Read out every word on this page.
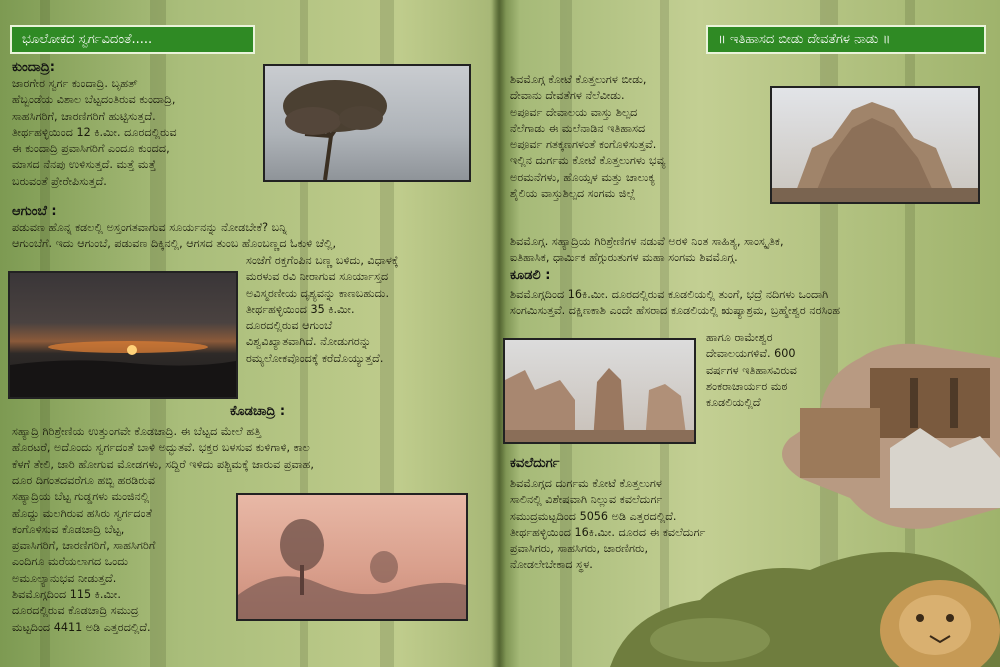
ಭೂಲೋಕದ ಸ್ವರ್ಗವಿದಂತೆ.....
ಕುಂದಾದ್ರಿ:
ಜಾರಗೇರ ಸ್ವರ್ಗ ಕುಂದಾದ್ರಿ. ಬೃಹತ್
ಹೆಬ್ಬಂಡೆಯ ವಿಶಾಲ ಬೆಟ್ಟದಂತಿರುವ ಕುಂದಾದ್ರಿ,
ಸಾಹಸಿಗರಿಗೆ, ಚಾರಣಿಗರಿಗೆ ಹುಟ್ಟಿಸುತ್ತದೆ.
ತೀರ್ಥಹಳ್ಳಿಯಿಂದ 12 ಕಿ.ಮೀ. ದೂರದಲ್ಲಿರುವ
ಈ ಕುಂದಾದ್ರಿ ಪ್ರವಾಸಿಗರಿಗೆ ಎಂದೂ ಕುಂದದ,
ಮಾಸದ ನೆನಪು ಉಳಿಸುತ್ತದೆ. ಮತ್ತೆ ಮತ್ತೆ
ಬರುವಂತೆ ಪ್ರೇರೇಪಿಸುತ್ತದೆ.
ಆಗುಂಬೆ :
ಪಡುವಣ ಹೊನ್ನ ಕಡಲಲ್ಲಿ ಅಸ್ತಂಗತವಾಗುವ ಸೂರ್ಯನನ್ನು ನೋಡಬೇಕೆ? ಬನ್ನಿ
ಆಗುಂಬೆಗೆ. ಇದು ಆಗುಂಬೆ, ಪಡುವಣ ದಿಕ್ಕಿನಲ್ಲಿ, ಆಗಸದ ತುಂಬ ಹೊಂಬಣ್ಣದ ಓಕುಳಿ ಚೆಲ್ಲಿ,
ಸಂಜೆಗೆ ರಕ್ತಗೆಂಪಿನ ಬಣ್ಣ ಬಳಿದು, ವಿಧಾಳಕ್ಕೆ
ಮರಳುವ ರವಿ ನೀರಾಗುವ ಸೂರ್ಯಾಸ್ತದ
ಅವಿಸ್ಮರಣೀಯ ದೃಶ್ಯವನ್ನು ಕಾಣಬಹುದು.
ತೀರ್ಥಹಳ್ಳಿಯಿಂದ 35 ಕಿ.ಮೀ.
ದೂರದಲ್ಲಿರುವ ಆಗುಂಬೆ
ವಿಶ್ವವಿಖ್ಯಾತವಾಗಿದೆ. ನೋಡುಗರನ್ನು
ರಮ್ಯಲೋಕವೊಂದಕ್ಕೆ ಕರೆದೊಯ್ಯುತ್ತದೆ.
ಕೊಡಚಾದ್ರಿ :
ಸಹ್ಯಾದ್ರಿ ಗಿರಿಶ್ರೇಣಿಯ ಉತ್ತುಂಗವೇ ಕೊಡಚಾದ್ರಿ. ಈ ಬೆಟ್ಟದ ಮೇಲೆ ಹತ್ತಿ
ಹೊರಟರೆ, ಅದೊಂದು ಸ್ವರ್ಗದಂತೆ ಬಾಳಿ ಅದ್ಭುತವೆ. ಭಕ್ತರ ಬಳಸುವ ಕುಳಿಗಾಳಿ, ಕಾಲ
ಕೆಳಗೆ ತೇಲಿ, ಜಾರಿ ಹೋಗುವ ಮೋಡಗಳು, ಸದ್ದಿರೆ ಇಳಿದು ಪಶ್ಚಿಮಕ್ಕೆ ಜಾರುವ ಪ್ರವಾಹ,
ದೂರ ದಿಗಂತದವರೆಗೂ ಹಬ್ಬಿ ಹರಡಿರುವ
ಸಹ್ಯಾದ್ರಿಯ ಬೆಟ್ಟ ಗುಡ್ಡಗಳು ಮಂಜಿನಲ್ಲಿ
ಹೊದ್ದು ಮಲಗಿರುವ ಹಸಿರು ಸ್ವರ್ಗದಂತೆ
ಕಂಗೊಳಿಸುವ ಕೊಡಚಾದ್ರಿ ಬೆಟ್ಟ,
ಪ್ರವಾಸಿಗರಿಗೆ, ಚಾರಣಿಗರಿಗೆ, ಸಾಹಸಿಗರಿಗೆ
ಎಂದಿಗೂ ಮರೆಯಲಾಗದ ಒಂದು
ಅಮೂಲ್ಯಾನುಭವ ನೀಡುತ್ತದೆ.
ಶಿವಮೊಗ್ಗದಿಂದ 115 ಕಿ.ಮೀ.
ದೂರದಲ್ಲಿರುವ ಕೊಡಚಾದ್ರಿ ಸಮುದ್ರ
ಮಟ್ಟದಿಂದ 4411 ಅಡಿ ಎತ್ತರದಲ್ಲಿದೆ.
॥ ಇತಿಹಾಸದ ಬೀಡು ದೇವತೆಗಳ ನಾಡು ॥
ಶಿವಮೊಗ್ಗ ಕೋಟೆ ಕೊತ್ತಲುಗಳ ಬೀಡು,
ದೇವಾನು ದೇವತೆಗಳ ನೆಲೆವೀಡು.
ಅಪೂರ್ವ ದೇವಾಲಯ ವಾಸ್ತು ಶಿಲ್ಪದ
ನೆಲೆಗಾಡು ಈ ಮಲೆನಾಡಿನ ಇತಿಹಾಸದ
ಅಪೂರ್ವ ಗತಕ್ಕಣಗಳಂತೆ ಕಂಗೊಳಿಸುತ್ತವೆ.
ಇಲ್ಲಿನ ದುರ್ಗಮ ಕೋಟೆ ಕೊತ್ತಲುಗಳು ಭವ್ಯ
ಅರಮನೆಗಳು, ಹೊಯ್ಸಳ ಮತ್ತು ಚಾಲುಕ್ಯ
ಶೈಲಿಯ ವಾಸ್ತುಶಿಲ್ಪದ ಸಂಗಮ ಜಿಲ್ಲೆ
ಶಿವಮೊಗ್ಗ. ಸಹ್ಯಾದ್ರಿಯ ಗಿರಿಶ್ರೇಣಿಗಳ ನಡುವೆ ಅರಳಿ ನಿಂತ ಸಾಹಿತ್ಯ, ಸಾಂಸ್ಕೃತಿಕ,
ಐತಿಹಾಸಿಕ, ಧಾರ್ಮಿಕ ಹೆಗ್ಗುರುತುಗಳ ಮಹಾ ಸಂಗಮ ಶಿವಮೊಗ್ಗ.
ಕೂಡಲಿ :
ಶಿವಮೊಗ್ಗದಿಂದ 16ಕಿ.ಮೀ. ದೂರದಲ್ಲಿರುವ ಕೂಡಲಿಯಲ್ಲಿ ತುಂಗೆ, ಭದ್ರೆ ನದಿಗಳು ಒಂದಾಗಿ
ಸಂಗಮಿಸುತ್ತವೆ. ದಕ್ಷಿಣಕಾಶಿ ಎಂದೇ ಹೆಸರಾದ ಕೂಡಲಿಯಲ್ಲಿ ಋಷ್ಯಾಶ್ರಮ, ಬ್ರಹ್ಮೇಶ್ವರ ನರಸಿಂಹ
ಹಾಗೂ ರಾಮೇಶ್ವರ
ದೇವಾಲಯಗಳಿವೆ. 600
ವರ್ಷಗಳ ಇತಿಹಾಸವಿರುವ
ಶಂಕರಾಚಾರ್ಯರ ಮಠ
ಕೂಡಲಿಯಲ್ಲಿದೆ
ಕವಲೆದುರ್ಗ
ಶಿವಮೊಗ್ಗದ ದುರ್ಗಮ ಕೋಟೆ ಕೊತ್ತಲುಗಳ
ಸಾಲಿನಲ್ಲಿ ವಿಶೇಷವಾಗಿ ನಿಲ್ಲುವ ಕವಲೆದುರ್ಗ
ಸಮುದ್ರಮಟ್ಟದಿಂದ 5056 ಅಡಿ ಎತ್ತರದಲ್ಲಿದೆ.
ತೀರ್ಥಹಳ್ಳಿಯಿಂದ 16ಕಿ.ಮೀ. ದೂರದ ಈ ಕವಲೆದುರ್ಗ
ಪ್ರವಾಸಿಗರು, ಸಾಹಸಿಗರು, ಚಾರಣಿಗರು,
ನೋಡಲೇಬೇಕಾದ ಸ್ಥಳ.
